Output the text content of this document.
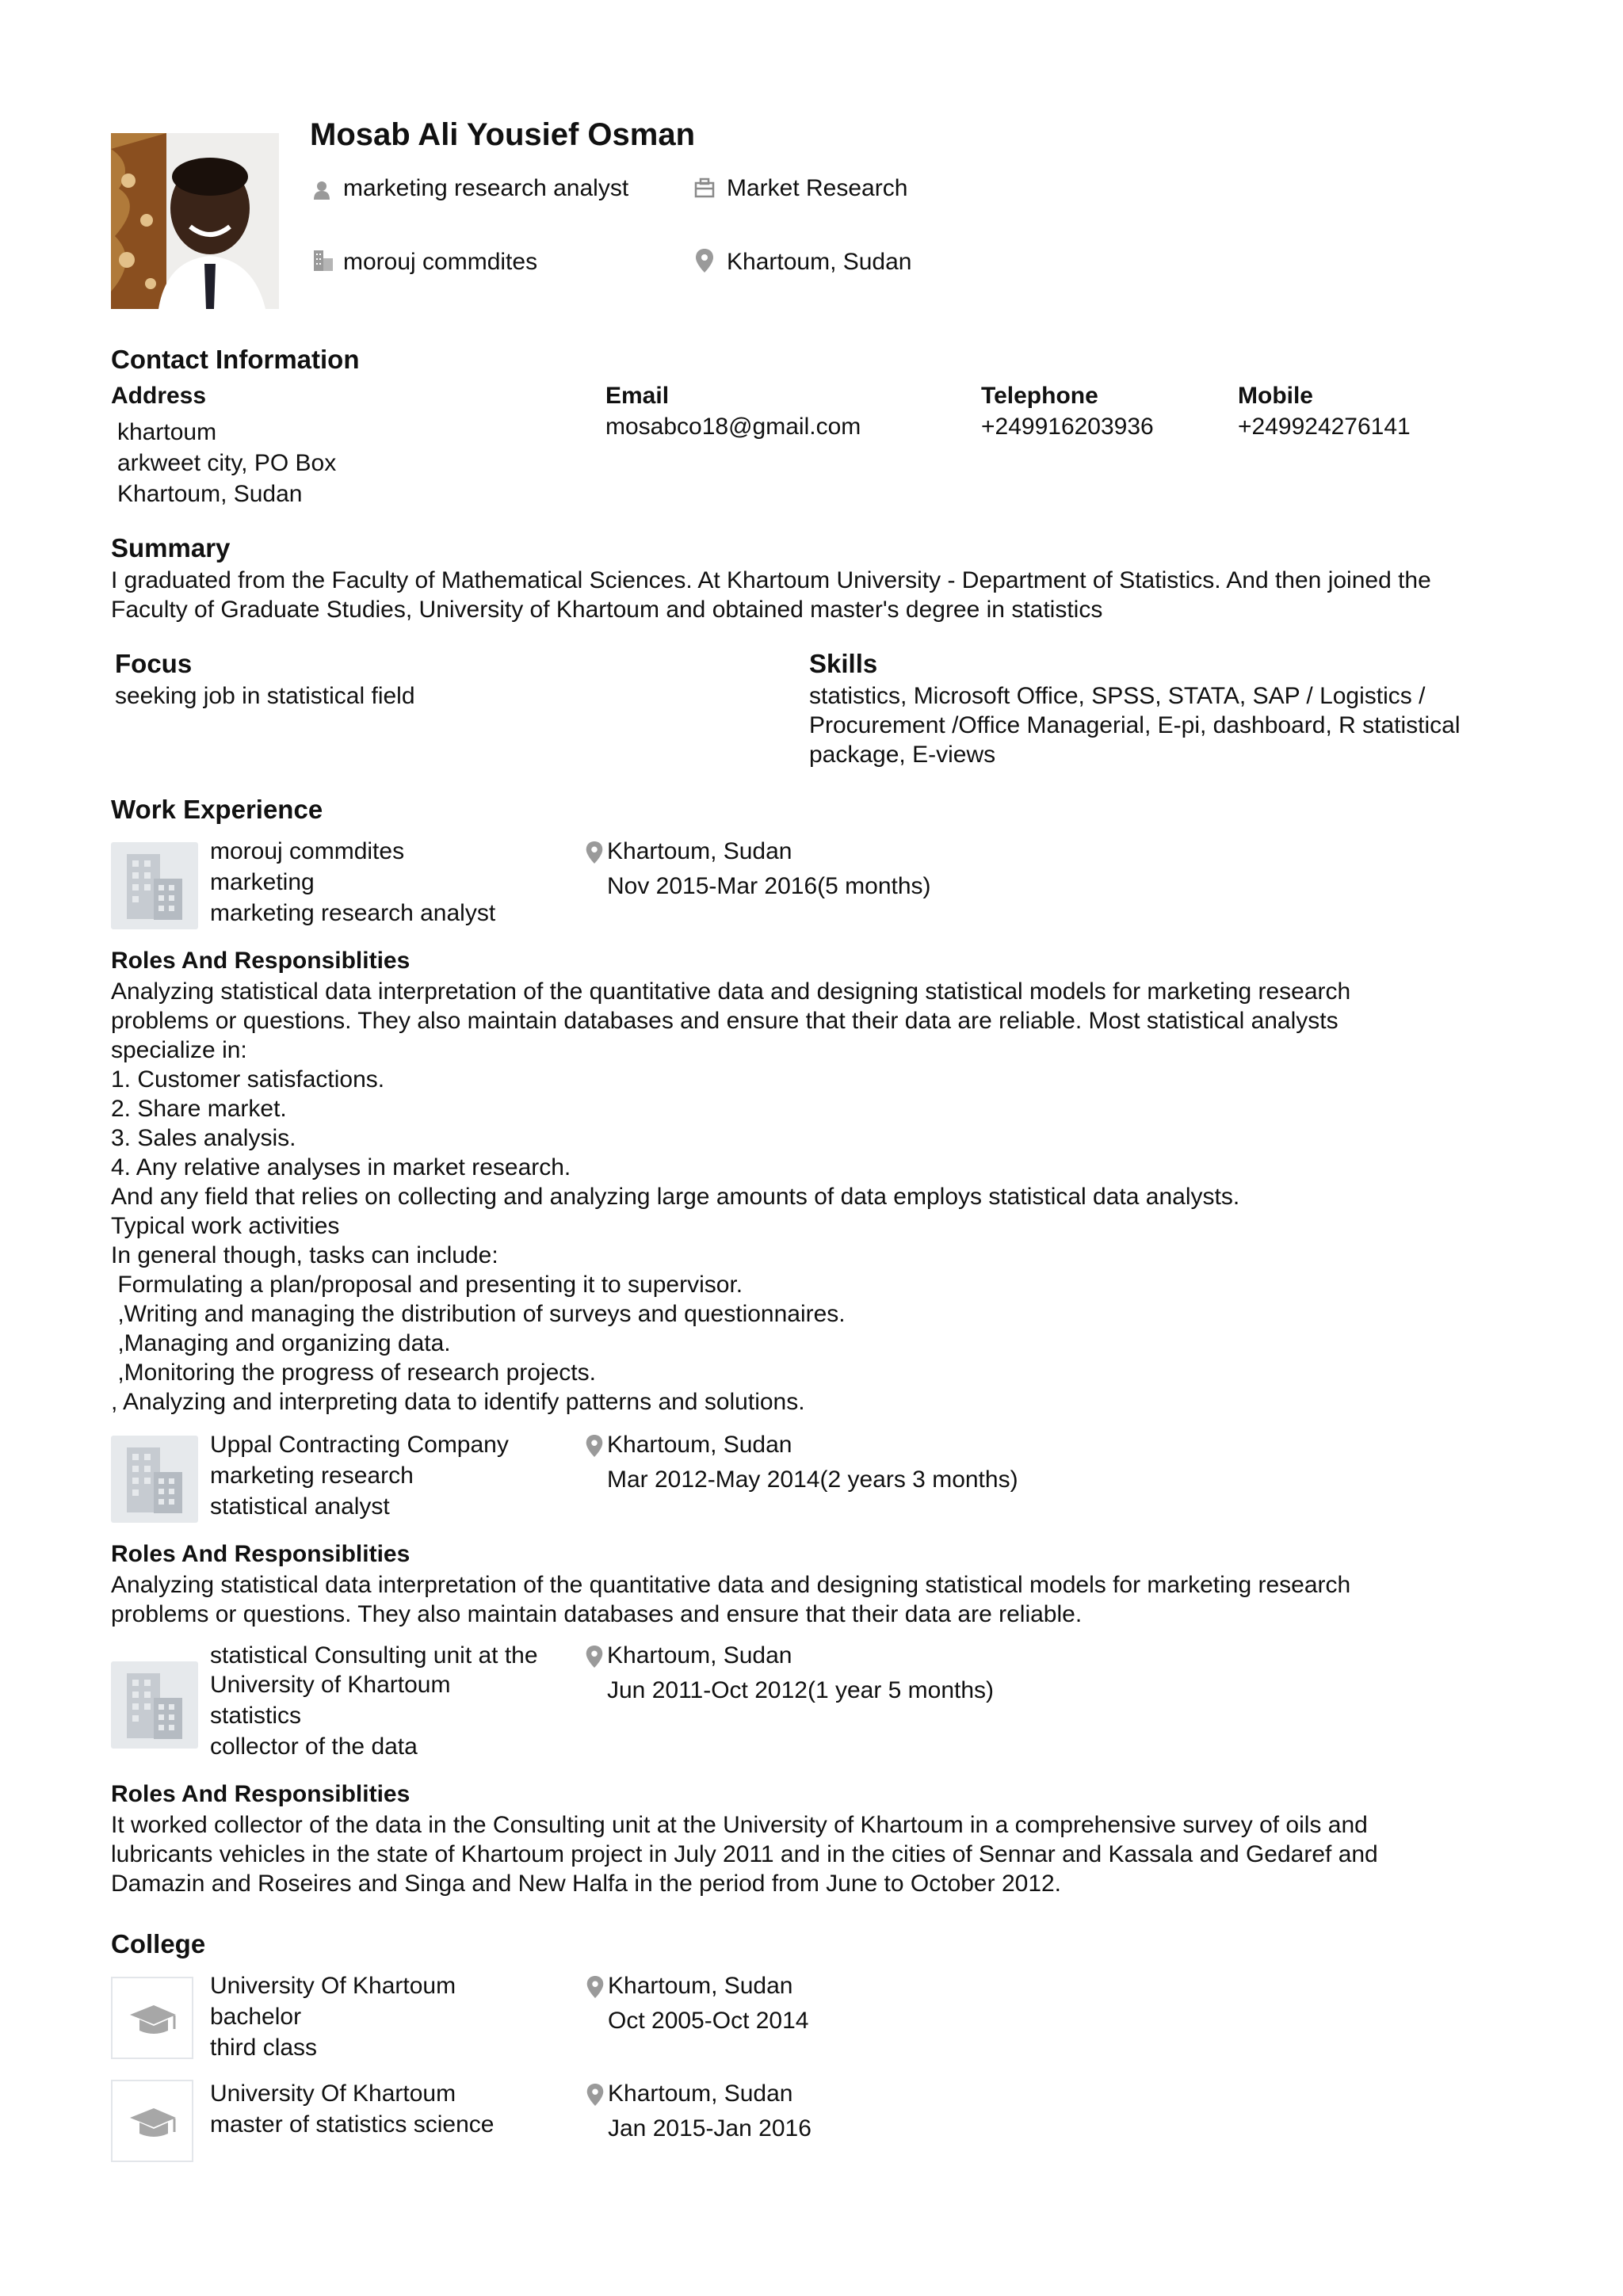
Mosab Ali Yousief Osman
marketing research analyst	Market Research
morouj commdites	Khartoum, Sudan
Contact Information
Address
khartoum
arkweet city, PO Box
Khartoum, Sudan
Email
mosabco18@gmail.com
Telephone
+249916203936
Mobile
+249924276141
Summary
I graduated from the Faculty of Mathematical Sciences. At Khartoum University - Department of Statistics. And then joined the
Faculty of Graduate Studies, University of Khartoum and obtained master's degree in statistics
Focus
seeking job in statistical field
Skills
statistics, Microsoft Office, SPSS, STATA, SAP / Logistics /
Procurement /Office Managerial, E-pi, dashboard, R statistical
package, E-views
Work Experience
morouj commdites
marketing
marketing research analyst
Khartoum, Sudan
Nov 2015-Mar 2016(5 months)
Roles And Responsiblities
Analyzing statistical data interpretation of the quantitative data and designing statistical models for marketing research
problems or questions. They also maintain databases and ensure that their data are reliable. Most statistical analysts
specialize in:
1. Customer satisfactions.
2. Share market.
3. Sales analysis.
4. Any relative analyses in market research.
And any field that relies on collecting and analyzing large amounts of data employs statistical data analysts.
Typical work activities
In general though, tasks can include:
Formulating a plan/proposal and presenting it to supervisor.
,Writing and managing the distribution of surveys and questionnaires.
,Managing and organizing data.
,Monitoring the progress of research projects.
, Analyzing and interpreting data to identify patterns and solutions.
Uppal Contracting Company
marketing research
statistical analyst
Khartoum, Sudan
Mar 2012-May 2014(2 years 3 months)
Roles And Responsiblities
Analyzing statistical data interpretation of the quantitative data and designing statistical models for marketing research
problems or questions. They also maintain databases and ensure that their data are reliable.
statistical Consulting unit at the
University of Khartoum
statistics
collector of the data
Khartoum, Sudan
Jun 2011-Oct 2012(1 year 5 months)
Roles And Responsiblities
It worked collector of the data in the Consulting unit at the University of Khartoum in a comprehensive survey of oils and
lubricants vehicles in the state of Khartoum project in July 2011 and in the cities of Sennar and Kassala and Gedaref and
Damazin and Roseires and Singa and New Halfa in the period from June to October 2012.
College
University Of Khartoum
bachelor
third class
Khartoum, Sudan
Oct 2005-Oct 2014
University Of Khartoum
master of statistics science
Khartoum, Sudan
Jan 2015-Jan 2016
